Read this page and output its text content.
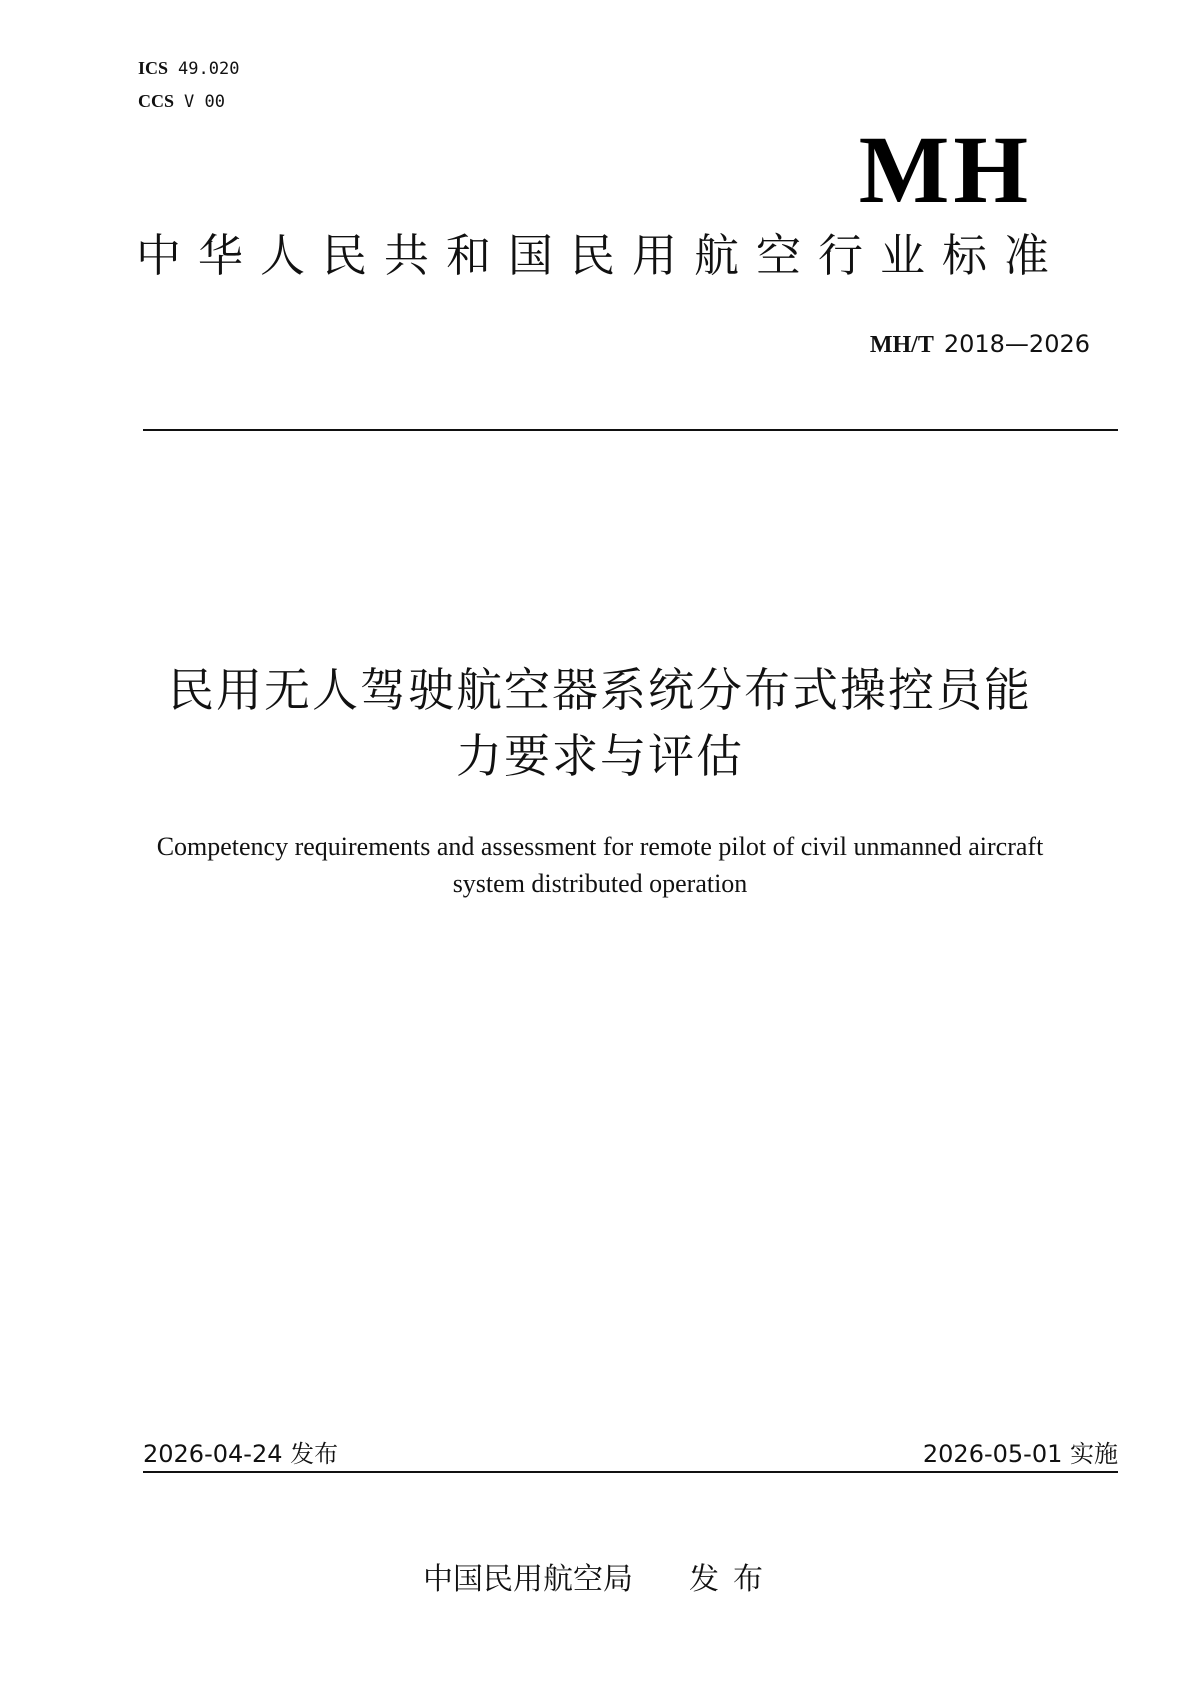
ICS 49.020
CCS V 00
MH
中华人民共和国民用航空行业标准
MH/T 2018—2026
民用无人驾驶航空器系统分布式操控员能
力要求与评估
Competency requirements and assessment for remote pilot of civil unmanned aircraft
system distributed operation
2026-04-24 发布	2026-05-01 实施
中国民用航空局 发布
